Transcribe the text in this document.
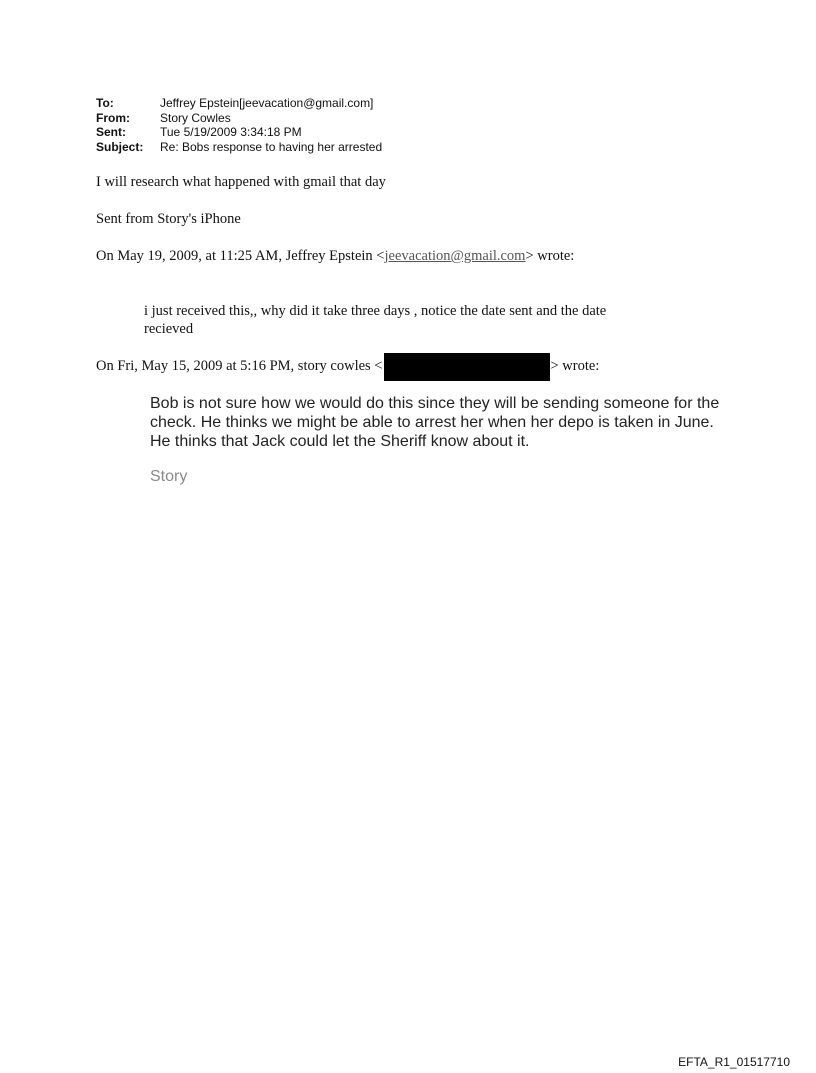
To:	Jeffrey Epstein[jeevacation@gmail.com]
From:	Story Cowles
Sent:	Tue 5/19/2009 3:34:18 PM
Subject:	Re: Bobs response to having her arrested
I will research what happened with gmail that day
Sent from Story's iPhone
On May 19, 2009, at 11:25 AM, Jeffrey Epstein <jeevacation@gmail.com> wrote:
i just received this,, why did it take three days , notice the date sent and the date
recieved
On Fri, May 15, 2009 at 5:16 PM, story cowles <	> wrote:
Bob is not sure how we would do this since they will be sending someone for the check. He thinks we might be able to arrest her when her depo is taken in June. He thinks that Jack could let the Sheriff know about it.
Story
EFTA_R1_01517710
